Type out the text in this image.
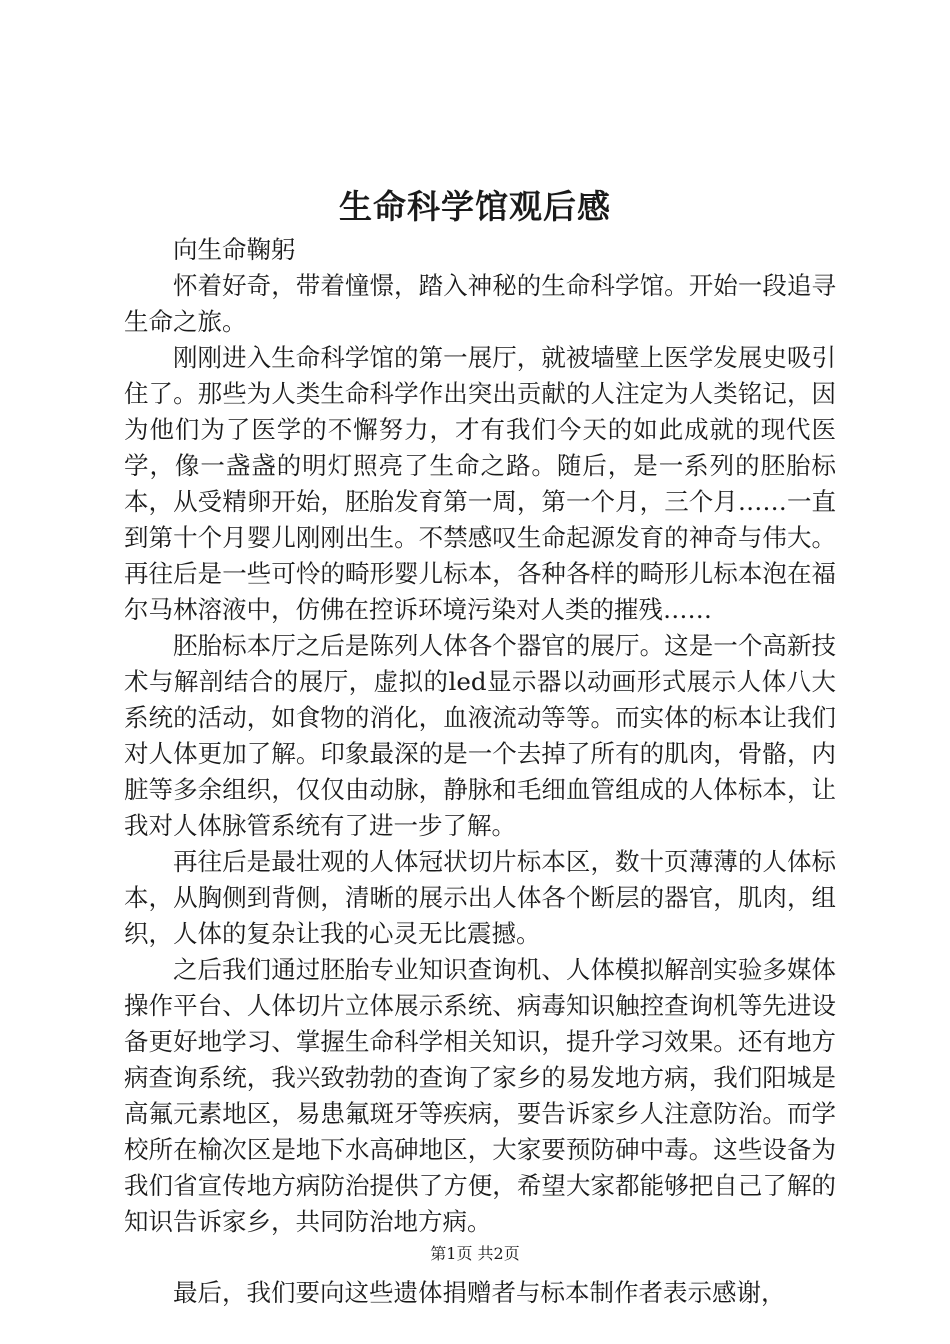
生命科学馆观后感

向生命鞠躬

怀着好奇，带着憧憬，踏入神秘的生命科学馆。开始一段追寻生命之旅。

刚刚进入生命科学馆的第一展厅，就被墙壁上医学发展史吸引住了。那些为人类生命科学作出突出贡献的人注定为人类铭记，因为他们为了医学的不懈努力，才有我们今天的如此成就的现代医学，像一盏盏的明灯照亮了生命之路。随后，是一系列的胚胎标本，从受精卵开始，胚胎发育第一周，第一个月，三个月……一直到第十个月婴儿刚刚出生。不禁感叹生命起源发育的神奇与伟大。再往后是一些可怜的畸形婴儿标本，各种各样的畸形儿标本泡在福尔马林溶液中，仿佛在控诉环境污染对人类的摧残……

胚胎标本厅之后是陈列人体各个器官的展厅。这是一个高新技术与解剖结合的展厅，虚拟的led显示器以动画形式展示人体八大系统的活动，如食物的消化，血液流动等等。而实体的标本让我们对人体更加了解。印象最深的是一个去掉了所有的肌肉，骨骼，内脏等多余组织，仅仅由动脉，静脉和毛细血管组成的人体标本，让我对人体脉管系统有了进一步了解。

再往后是最壮观的人体冠状切片标本区，数十页薄薄的人体标本，从胸侧到背侧，清晰的展示出人体各个断层的器官，肌肉，组织，人体的复杂让我的心灵无比震撼。

之后我们通过胚胎专业知识查询机、人体模拟解剖实验多媒体操作平台、人体切片立体展示系统、病毒知识触控查询机等先进设备更好地学习、掌握生命科学相关知识，提升学习效果。还有地方病查询系统，我兴致勃勃的查询了家乡的易发地方病，我们阳城是高氟元素地区，易患氟斑牙等疾病，要告诉家乡人注意防治。而学校所在榆次区是地下水高砷地区，大家要预防砷中毒。这些设备为我们省宣传地方病防治提供了方便，希望大家都能够把自己了解的知识告诉家乡，共同防治地方病。

最后，我们要向这些遗体捐赠者与标本制作者表示感谢，

第1页 共2页
